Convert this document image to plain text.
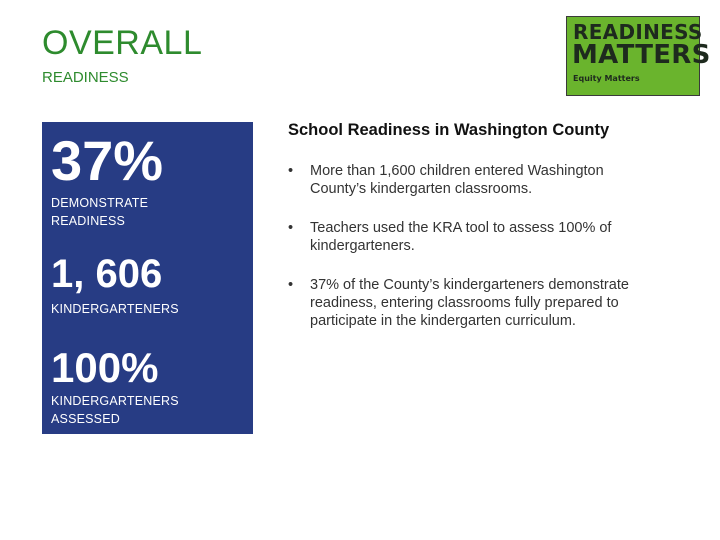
OVERALL
READINESS
READINESS
MATTERS
Equity Matters
37%
DEMONSTRATE
READINESS
1, 606
KINDERGARTENERS
100%
KINDERGARTENERS
ASSESSED
School Readiness in Washington County
• More than 1,600 children entered Washington
County’s kindergarten classrooms.
• Teachers used the KRA tool to assess 100% of
kindergarteners.
• 37% of the County’s kindergarteners demonstrate
readiness, entering classrooms fully prepared to
participate in the kindergarten curriculum.
